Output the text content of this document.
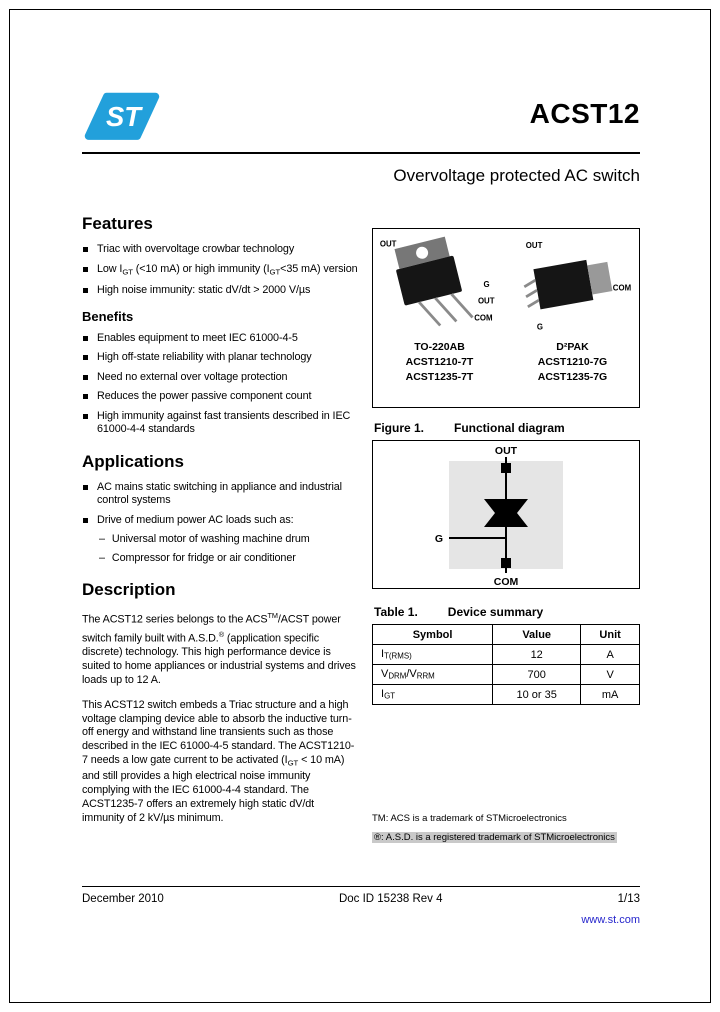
ST	ACST12
Overvoltage protected AC switch
Features
Triac with overvoltage crowbar technology
Low $I_{GT}$ (<10 mA) or high immunity ($I_{GT}<35$ mA) version
High noise immunity: static dV/dt > 2000 V/µs
Benefits
Enables equipment to meet IEC 61000-4-5
High off-state reliability with planar technology
Need no external over voltage protection
Reduces the power passive component count
High immunity against fast transients described in IEC 61000-4-4 standards
Applications
AC mains static switching in appliance and industrial control systems
Drive of medium power AC loads such as:
– Universal motor of washing machine drum
– Compressor for fridge or air conditioner
Description

The ACST12 series belongs to the ACS™/ACST power switch family built with A.S.D.® (application specific discrete) technology. This high performance device is suited to home appliances or industrial systems and drives loads up to 12 A.

This ACST12 switch embeds a Triac structure and a high voltage clamping device able to absorb the inductive turn-off energy and withstand line transients such as those described in the IEC 61000-4-5 standard. The ACST1210-7 needs a low gate current to be activated ($I_{GT} < 10$ mA) and still provides a high electrical noise immunity complying with the IEC 61000-4-4 standard. The ACST1235-7 offers an extremely high static dV/dt immunity of 2 kV/µs minimum.

OUT
G
OUT
COM
TO-220AB
ACST1210-7T
ACST1235-7T
OUT
G
COM
D²PAK
ACST1210-7G
ACST1235-7G
Figure 1.	Functional diagram
OUT
G
COM
Table 1.	Device summary
Symbol	Value	Unit
$I_{T(RMS)}$	12	A
$V_{DRM}/V_{RRM}$	700	V
$I_{GT}$	10 or 35	mA
TM: ACS is a trademark of STMicroelectronics
®: A.S.D. is a registered trademark of STMicroelectronics
December 2010	Doc ID 15238 Rev 4	1/13
www.st.com
